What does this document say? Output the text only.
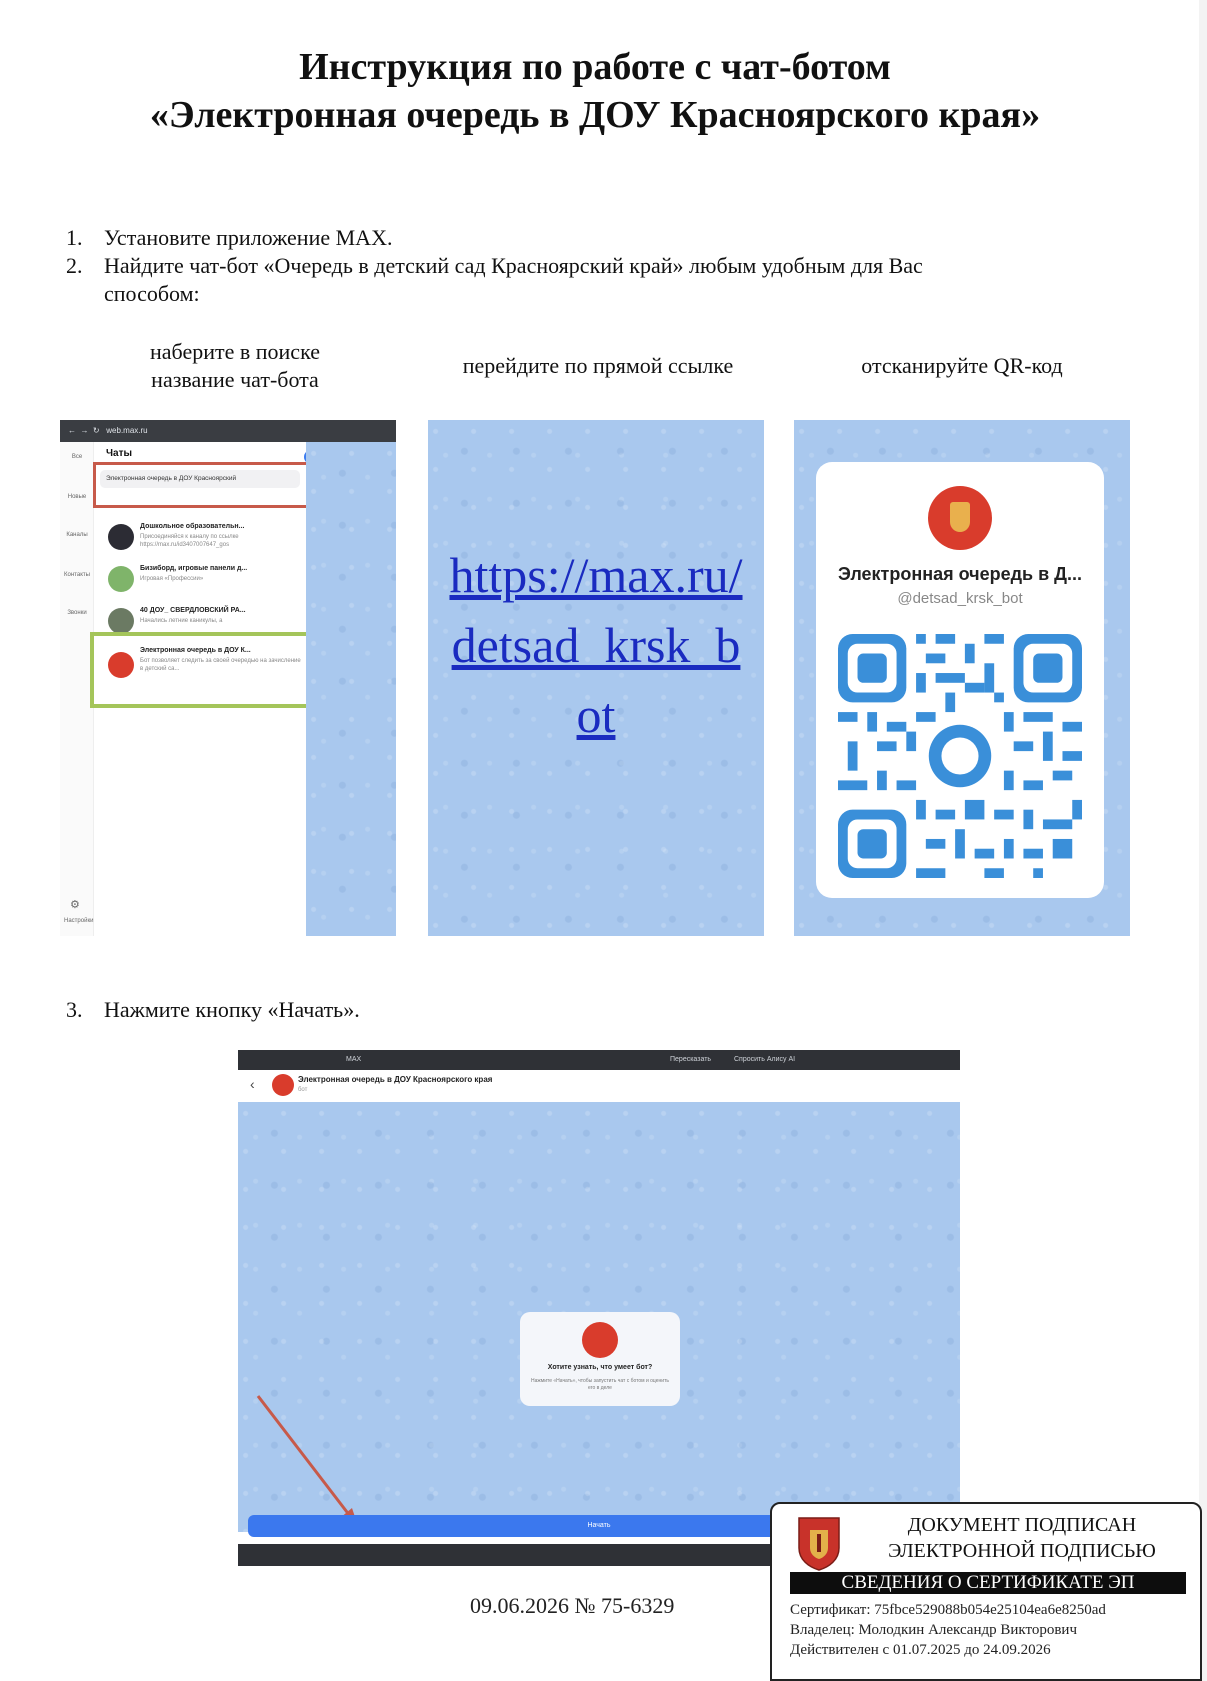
Инструкция по работе с чат-ботом
«Электронная очередь в ДОУ Красноярского края»
1. Установите приложение MAX.
2. Найдите чат-бот «Очередь в детский сад Красноярский край» любым удобным для Вас
способом:
наберите в поиске
название чат-бота
перейдите по прямой ссылке	отсканируйте QR-код
← → ↻ web.max.ru
Все
Новые
Каналы
Контакты
Звонки
Настройки
⚙
Чаты
Электронная очередь в ДОУ Красноярский
Дошкольное образовательн...
Присоединяйся к каналу по ссылке https://max.ru/id3407007647_gos
Бизиборд, игровые панели д...
Игровая «Профессии»
40 ДОУ_ СВЕРДЛОВСКИЙ РА...
Начались летние каникулы, а
Электронная очередь в ДОУ К...
Бот позволяет следить за своей очередью на зачисление в детский са...
https://max.ru/detsad_krsk_bot
Электронная очередь в Д...
@detsad_krsk_bot
3. Нажмите кнопку «Начать».
MAX	Пересказать	Спросить Алису AI
‹	Электронная очередь в ДОУ Красноярского края
бот
Хотите узнать, что умеет бот?
Нажмите «Начать», чтобы запустить чат с ботом и оценить его в деле
Начать
09.06.2026 № 75-6329
ДОКУМЕНТ ПОДПИСАН
ЭЛЕКТРОННОЙ ПОДПИСЬЮ
СВЕДЕНИЯ О СЕРТИФИКАТЕ ЭП
Сертификат: 75fbce529088b054e25104ea6e8250ad
Владелец: Молодкин Александр Викторович
Действителен с 01.07.2025 до 24.09.2026
